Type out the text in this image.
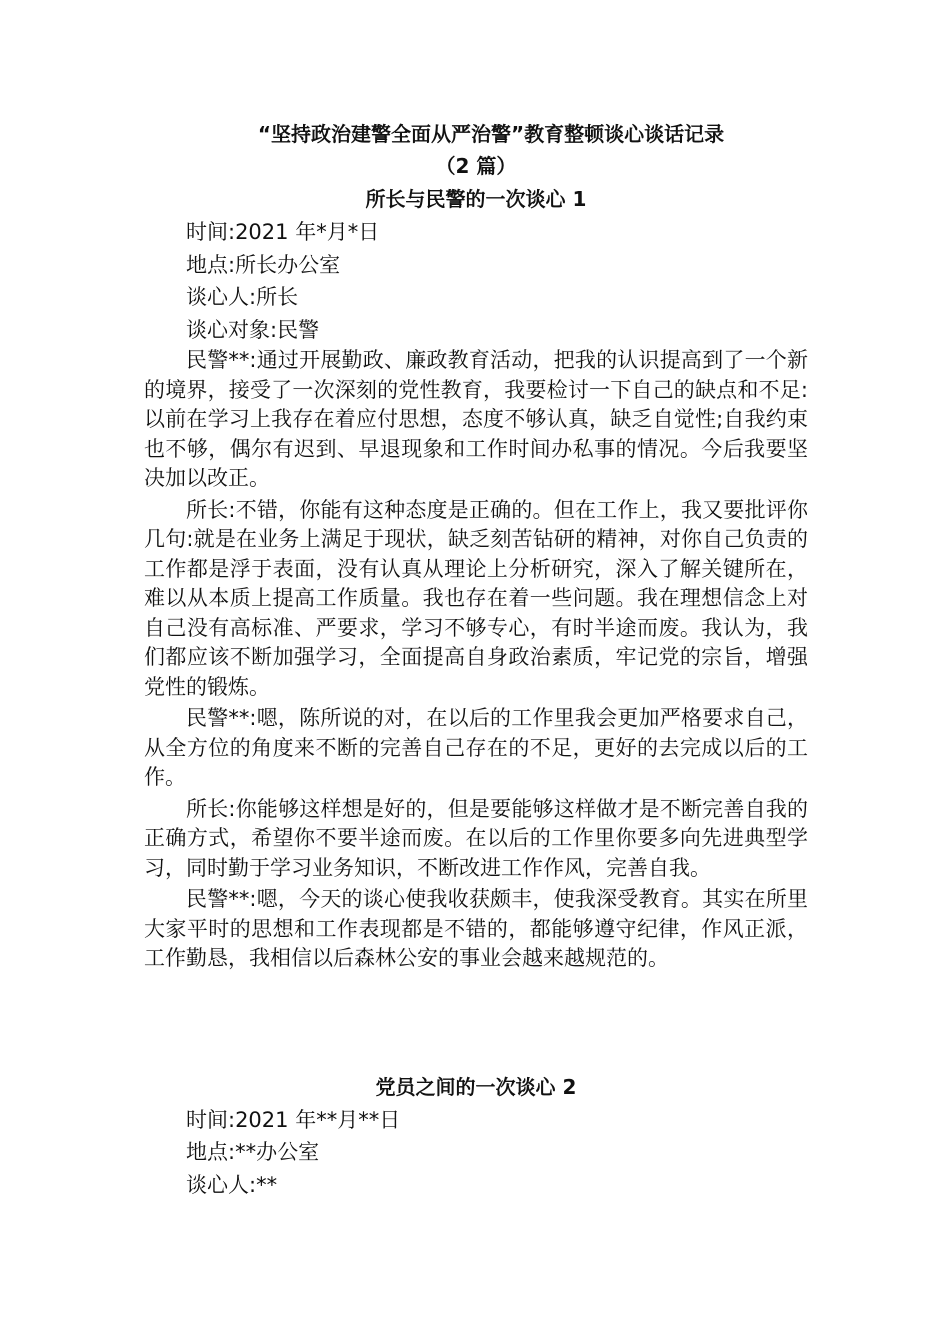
“坚持政治建警全面从严治警”教育整顿谈心谈话记录

（2 篇）

所长与民警的一次谈心 1

时间:2021 年*月*日

地点:所长办公室

谈心人:所长

谈心对象:民警

民警**:通过开展勤政、廉政教育活动，把我的认识提高到了一个新的境界，接受了一次深刻的党性教育，我要检讨一下自己的缺点和不足:以前在学习上我存在着应付思想，态度不够认真，缺乏自觉性;自我约束也不够，偶尔有迟到、早退现象和工作时间办私事的情况。今后我要坚决加以改正。

所长:不错，你能有这种态度是正确的。但在工作上，我又要批评你几句:就是在业务上满足于现状，缺乏刻苦钻研的精神，对你自己负责的工作都是浮于表面，没有认真从理论上分析研究，深入了解关键所在，难以从本质上提高工作质量。我也存在着一些问题。我在理想信念上对自己没有高标准、严要求，学习不够专心，有时半途而废。我认为，我们都应该不断加强学习，全面提高自身政治素质，牢记党的宗旨，增强党性的锻炼。

民警**:嗯，陈所说的对，在以后的工作里我会更加严格要求自己，从全方位的角度来不断的完善自己存在的不足，更好的去完成以后的工作。

所长:你能够这样想是好的，但是要能够这样做才是不断完善自我的正确方式，希望你不要半途而废。在以后的工作里你要多向先进典型学习，同时勤于学习业务知识，不断改进工作作风，完善自我。

民警**:嗯，今天的谈心使我收获颇丰，使我深受教育。其实在所里大家平时的思想和工作表现都是不错的，都能够遵守纪律，作风正派，工作勤恳，我相信以后森林公安的事业会越来越规范的。

党员之间的一次谈心 2

时间:2021 年**月**日

地点:**办公室

谈心人:**
